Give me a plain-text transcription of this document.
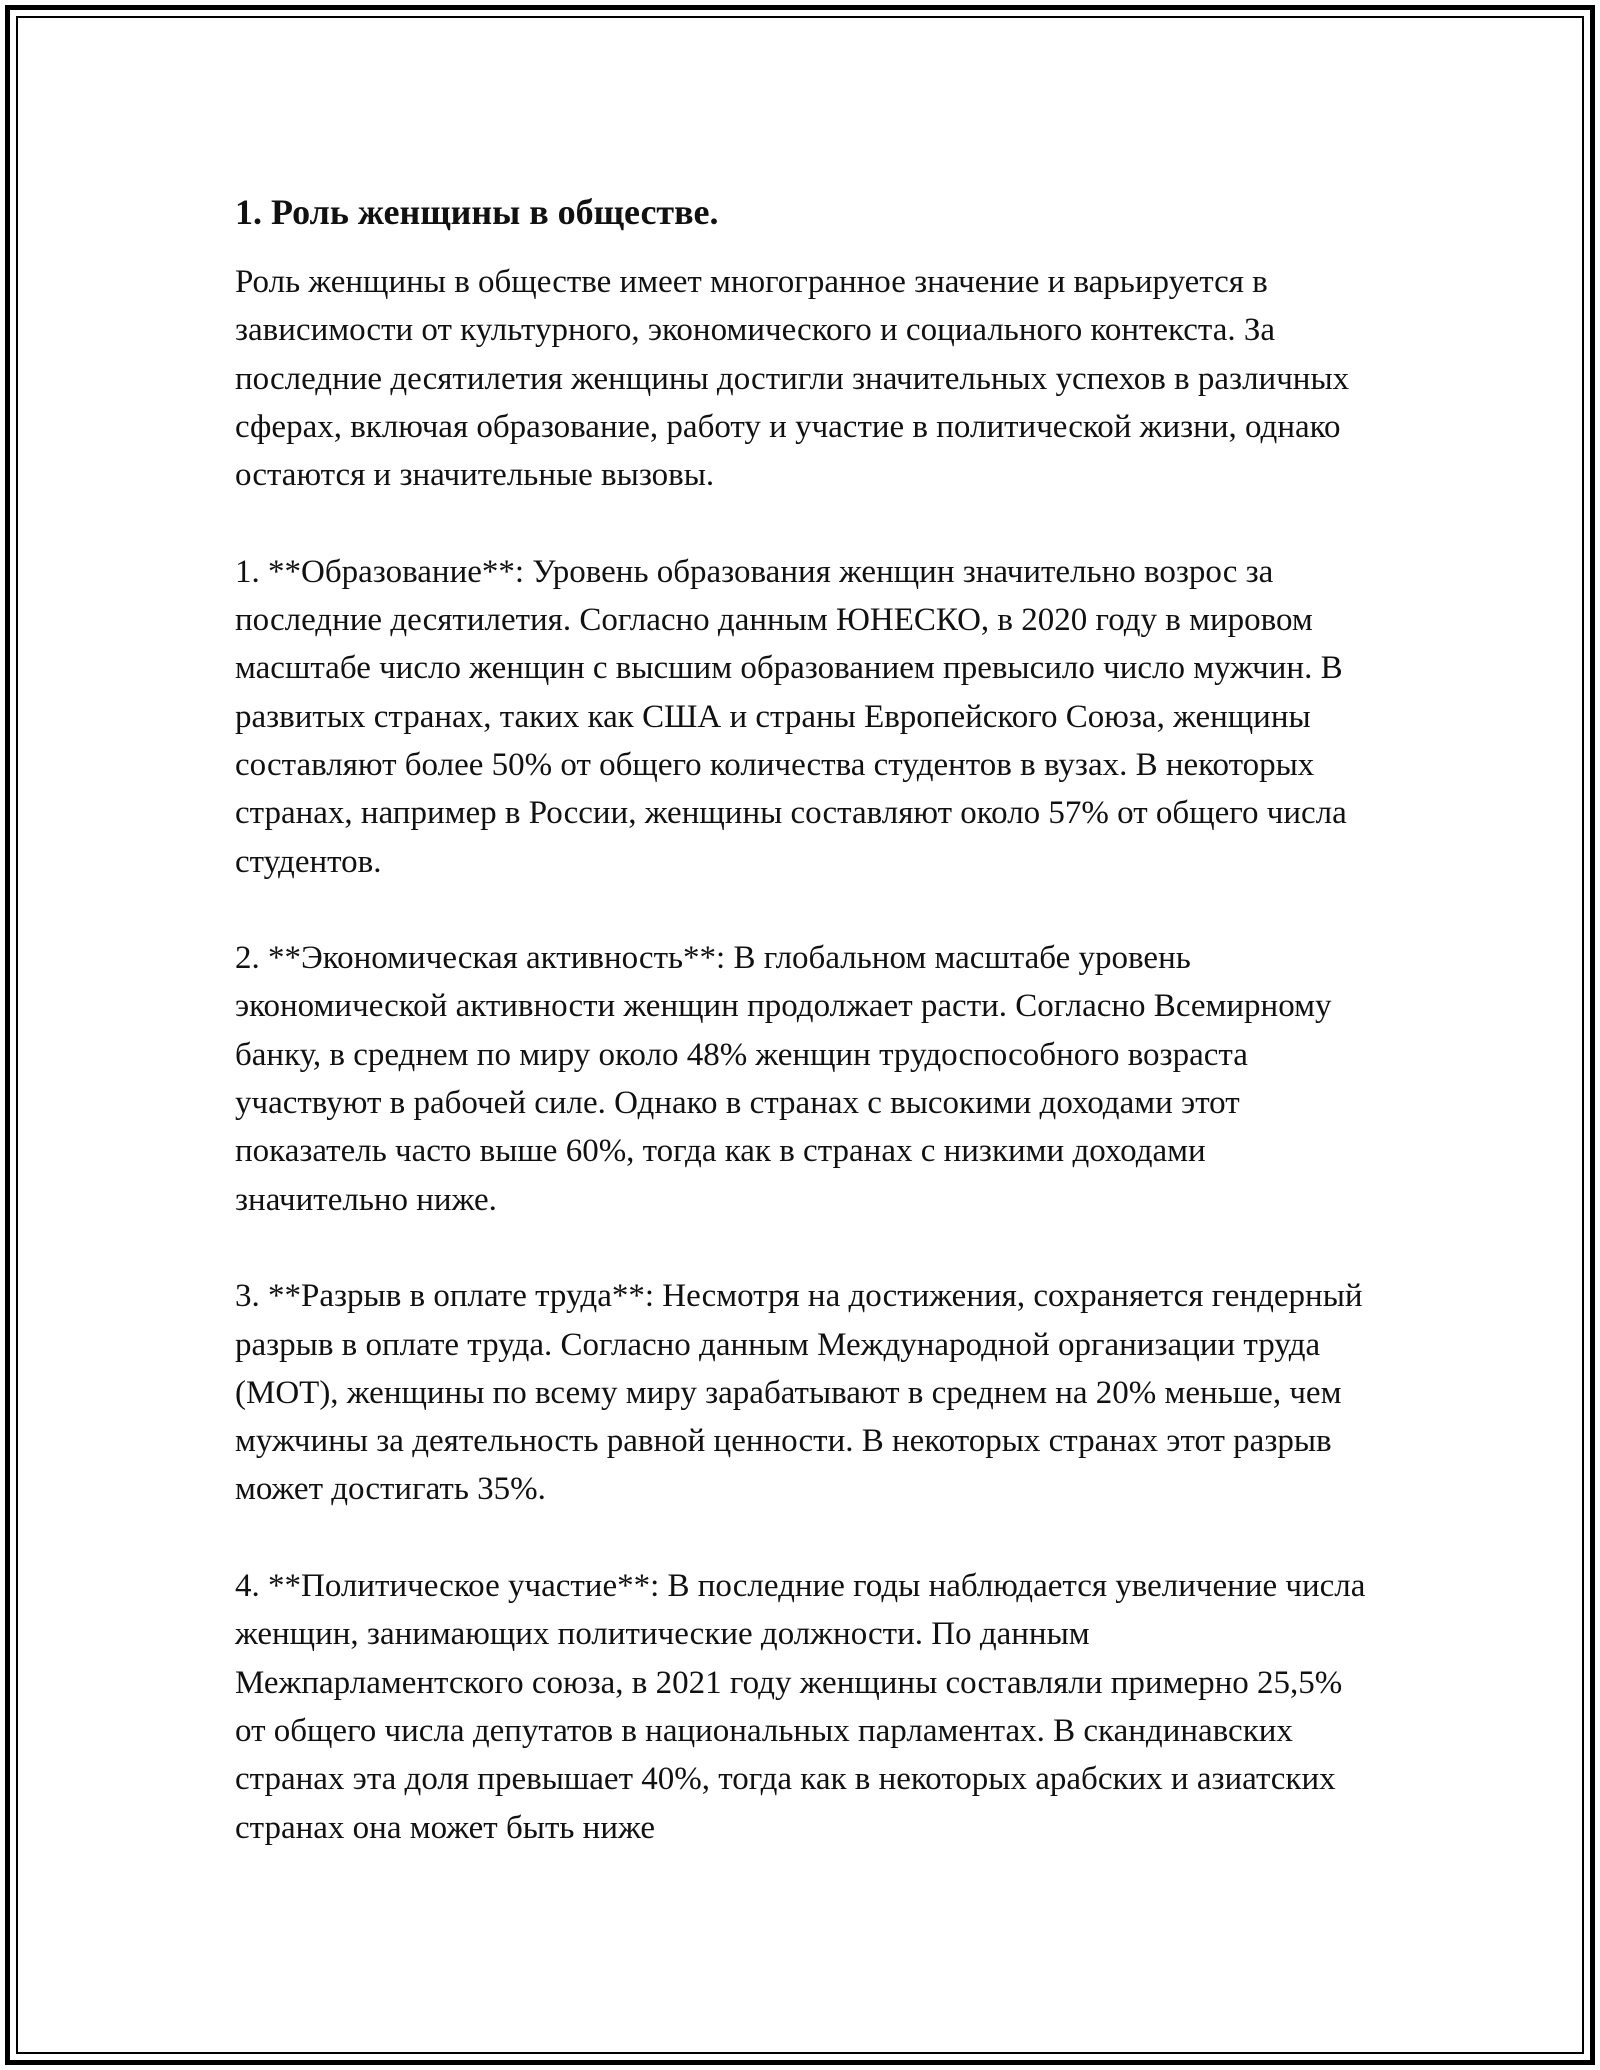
1. Роль женщины в обществе.

Роль женщины в обществе имеет многогранное значение и варьируется в зависимости от культурного, экономического и социального контекста. За последние десятилетия женщины достигли значительных успехов в различных сферах, включая образование, работу и участие в политической жизни, однако остаются и значительные вызовы.

1. **Образование**: Уровень образования женщин значительно возрос за последние десятилетия. Согласно данным ЮНЕСКО, в 2020 году в мировом масштабе число женщин с высшим образованием превысило число мужчин. В развитых странах, таких как США и страны Европейского Союза, женщины составляют более 50% от общего количества студентов в вузах. В некоторых странах, например в России, женщины составляют около 57% от общего числа студентов.

2. **Экономическая активность**: В глобальном масштабе уровень экономической активности женщин продолжает расти. Согласно Всемирному банку, в среднем по миру около 48% женщин трудоспособного возраста участвуют в рабочей силе. Однако в странах с высокими доходами этот показатель часто выше 60%, тогда как в странах с низкими доходами значительно ниже.

3. **Разрыв в оплате труда**: Несмотря на достижения, сохраняется гендерный разрыв в оплате труда. Согласно данным Международной организации труда (МОТ), женщины по всему миру зарабатывают в среднем на 20% меньше, чем мужчины за деятельность равной ценности. В некоторых странах этот разрыв может достигать 35%.

4. **Политическое участие**: В последние годы наблюдается увеличение числа женщин, занимающих политические должности. По данным Межпарламентского союза, в 2021 году женщины составляли примерно 25,5% от общего числа депутатов в национальных парламентах. В скандинавских странах эта доля превышает 40%, тогда как в некоторых арабских и азиатских странах она может быть ниже
